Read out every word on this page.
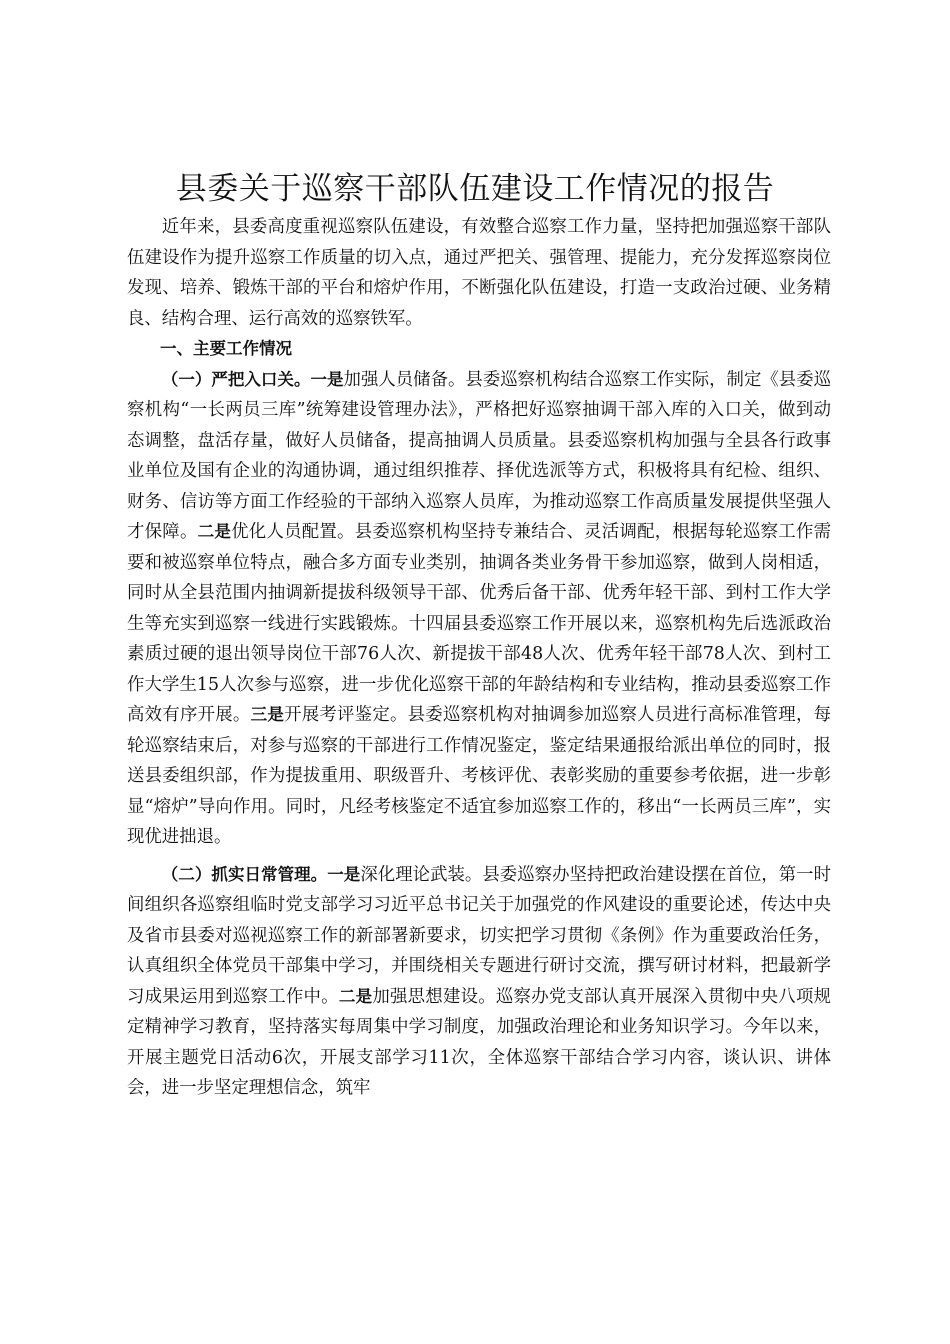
县委关于巡察干部队伍建设工作情况的报告

近年来，县委高度重视巡察队伍建设，有效整合巡察工作力量，坚持把加强巡察干部队伍建设作为提升巡察工作质量的切入点，通过严把关、强管理、提能力，充分发挥巡察岗位发现、培养、锻炼干部的平台和熔炉作用，不断强化队伍建设，打造一支政治过硬、业务精良、结构合理、运行高效的巡察铁军。

一、主要工作情况

（一）严把入口关。一是加强人员储备。县委巡察机构结合巡察工作实际，制定《县委巡察机构“一长两员三库”统筹建设管理办法》，严格把好巡察抽调干部入库的入口关，做到动态调整，盘活存量，做好人员储备，提高抽调人员质量。县委巡察机构加强与全县各行政事业单位及国有企业的沟通协调，通过组织推荐、择优选派等方式，积极将具有纪检、组织、财务、信访等方面工作经验的干部纳入巡察人员库，为推动巡察工作高质量发展提供坚强人才保障。二是优化人员配置。县委巡察机构坚持专兼结合、灵活调配，根据每轮巡察工作需要和被巡察单位特点，融合多方面专业类别，抽调各类业务骨干参加巡察，做到人岗相适，同时从全县范围内抽调新提拔科级领导干部、优秀后备干部、优秀年轻干部、到村工作大学生等充实到巡察一线进行实践锻炼。十四届县委巡察工作开展以来，巡察机构先后选派政治素质过硬的退出领导岗位干部76人次、新提拔干部48人次、优秀年轻干部78人次、到村工作大学生15人次参与巡察，进一步优化巡察干部的年龄结构和专业结构，推动县委巡察工作高效有序开展。三是开展考评鉴定。县委巡察机构对抽调参加巡察人员进行高标准管理，每轮巡察结束后，对参与巡察的干部进行工作情况鉴定，鉴定结果通报给派出单位的同时，报送县委组织部，作为提拔重用、职级晋升、考核评优、表彰奖励的重要参考依据，进一步彰显“熔炉”导向作用。同时，凡经考核鉴定不适宜参加巡察工作的，移出“一长两员三库”，实现优进拙退。

（二）抓实日常管理。一是深化理论武装。县委巡察办坚持把政治建设摆在首位，第一时间组织各巡察组临时党支部学习习近平总书记关于加强党的作风建设的重要论述，传达中央及省市县委对巡视巡察工作的新部署新要求，切实把学习贯彻《条例》作为重要政治任务，认真组织全体党员干部集中学习，并围绕相关专题进行研讨交流，撰写研讨材料，把最新学习成果运用到巡察工作中。二是加强思想建设。巡察办党支部认真开展深入贯彻中央八项规定精神学习教育，坚持落实每周集中学习制度，加强政治理论和业务知识学习。今年以来，开展主题党日活动6次，开展支部学习11次，全体巡察干部结合学习内容，谈认识、讲体会，进一步坚定理想信念，筑牢
